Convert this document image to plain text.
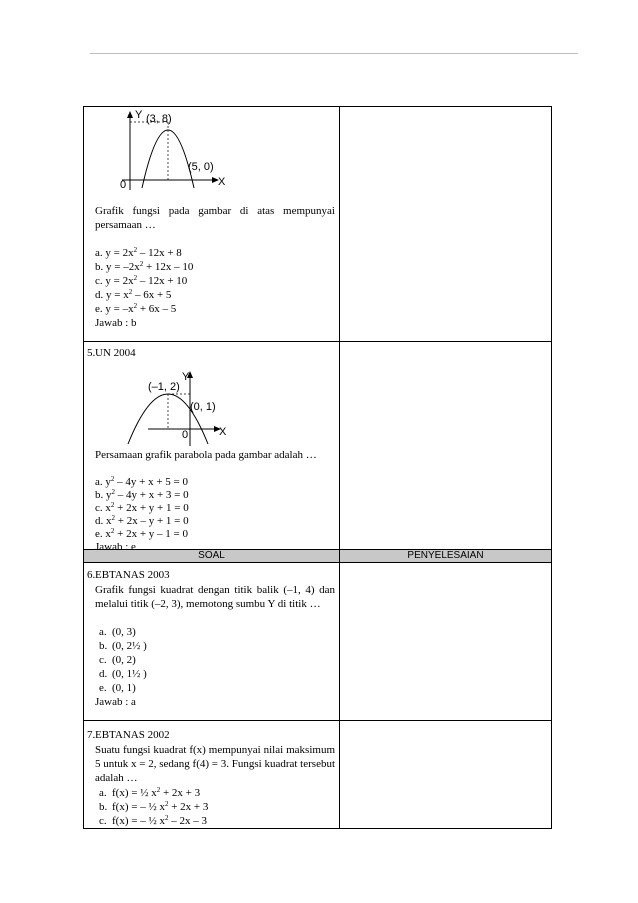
SOAL	PENYELESAIAN
Y
X
0
(3, 8)
(5, 0)
Grafik fungsi pada gambar di atas mempunyai persamaan …
a. $y = 2x^2 - 12x + 8$
b. $y = -2x^2 + 12x - 10$
c. $y = 2x^2 - 12x + 10$
d. $y = x^2 - 6x + 5$
e. $y = -x^2 + 6x - 5$
Jawab : b
5. UN 2004
Y
X
0
(–1, 2)
(0, 1)
Persamaan grafik parabola pada gambar adalah …
a. $y^2 - 4y + x + 5 = 0$
b. $y^2 - 4y + x + 3 = 0$
c. $x^2 + 2x + y + 1 = 0$
d. $x^2 + 2x - y + 1 = 0$
e. $x^2 + 2x + y - 1 = 0$
Jawab : e
6. EBTANAS 2003
Grafik fungsi kuadrat dengan titik balik (–1, 4) dan melalui titik (–2, 3), memotong sumbu Y di titik …
a. (0, 3)
b. (0, 2½ )
c. (0, 2)
d. (0, 1½ )
e. (0, 1)
Jawab : a
7. EBTANAS 2002
Suatu fungsi kuadrat f(x) mempunyai nilai maksimum 5 untuk x = 2, sedang f(4) = 3. Fungsi kuadrat tersebut adalah …
a. f(x) = ½ $x^2 + 2x + 3$
b. f(x) = – ½ $x^2 + 2x + 3$
c. f(x) = – ½ $x^2 - 2x - 3$
